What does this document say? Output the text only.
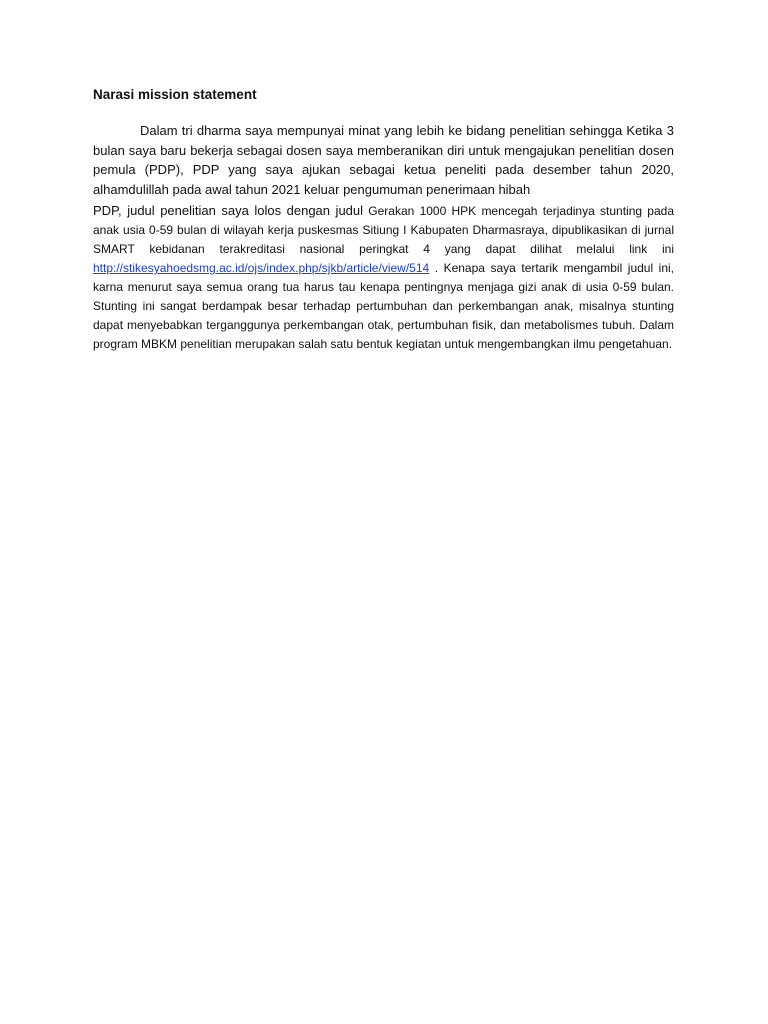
Narasi mission statement

Dalam tri dharma saya mempunyai minat yang lebih ke bidang penelitian sehingga Ketika 3 bulan saya baru bekerja sebagai dosen saya memberanikan diri untuk mengajukan penelitian dosen pemula (PDP), PDP yang saya ajukan sebagai ketua peneliti pada desember tahun 2020, alhamdulillah pada awal tahun 2021 keluar pengumuman penerimaan hibah

PDP, judul penelitian saya lolos dengan judul Gerakan 1000 HPK mencegah terjadinya stunting pada anak usia 0-59 bulan di wilayah kerja puskesmas Sitiung I Kabupaten Dharmasraya, dipublikasikan di jurnal SMART kebidanan terakreditasi nasional peringkat 4 yang dapat dilihat melalui link ini http://stikesyahoedsmg.ac.id/ojs/index.php/sjkb/article/view/514 . Kenapa saya tertarik mengambil judul ini, karna menurut saya semua orang tua harus tau kenapa pentingnya menjaga gizi anak di usia 0-59 bulan. Stunting ini sangat berdampak besar terhadap pertumbuhan dan perkembangan anak, misalnya stunting dapat menyebabkan terganggunya perkembangan otak, pertumbuhan fisik, dan metabolismes tubuh. Dalam program MBKM penelitian merupakan salah satu bentuk kegiatan untuk mengembangkan ilmu pengetahuan.
